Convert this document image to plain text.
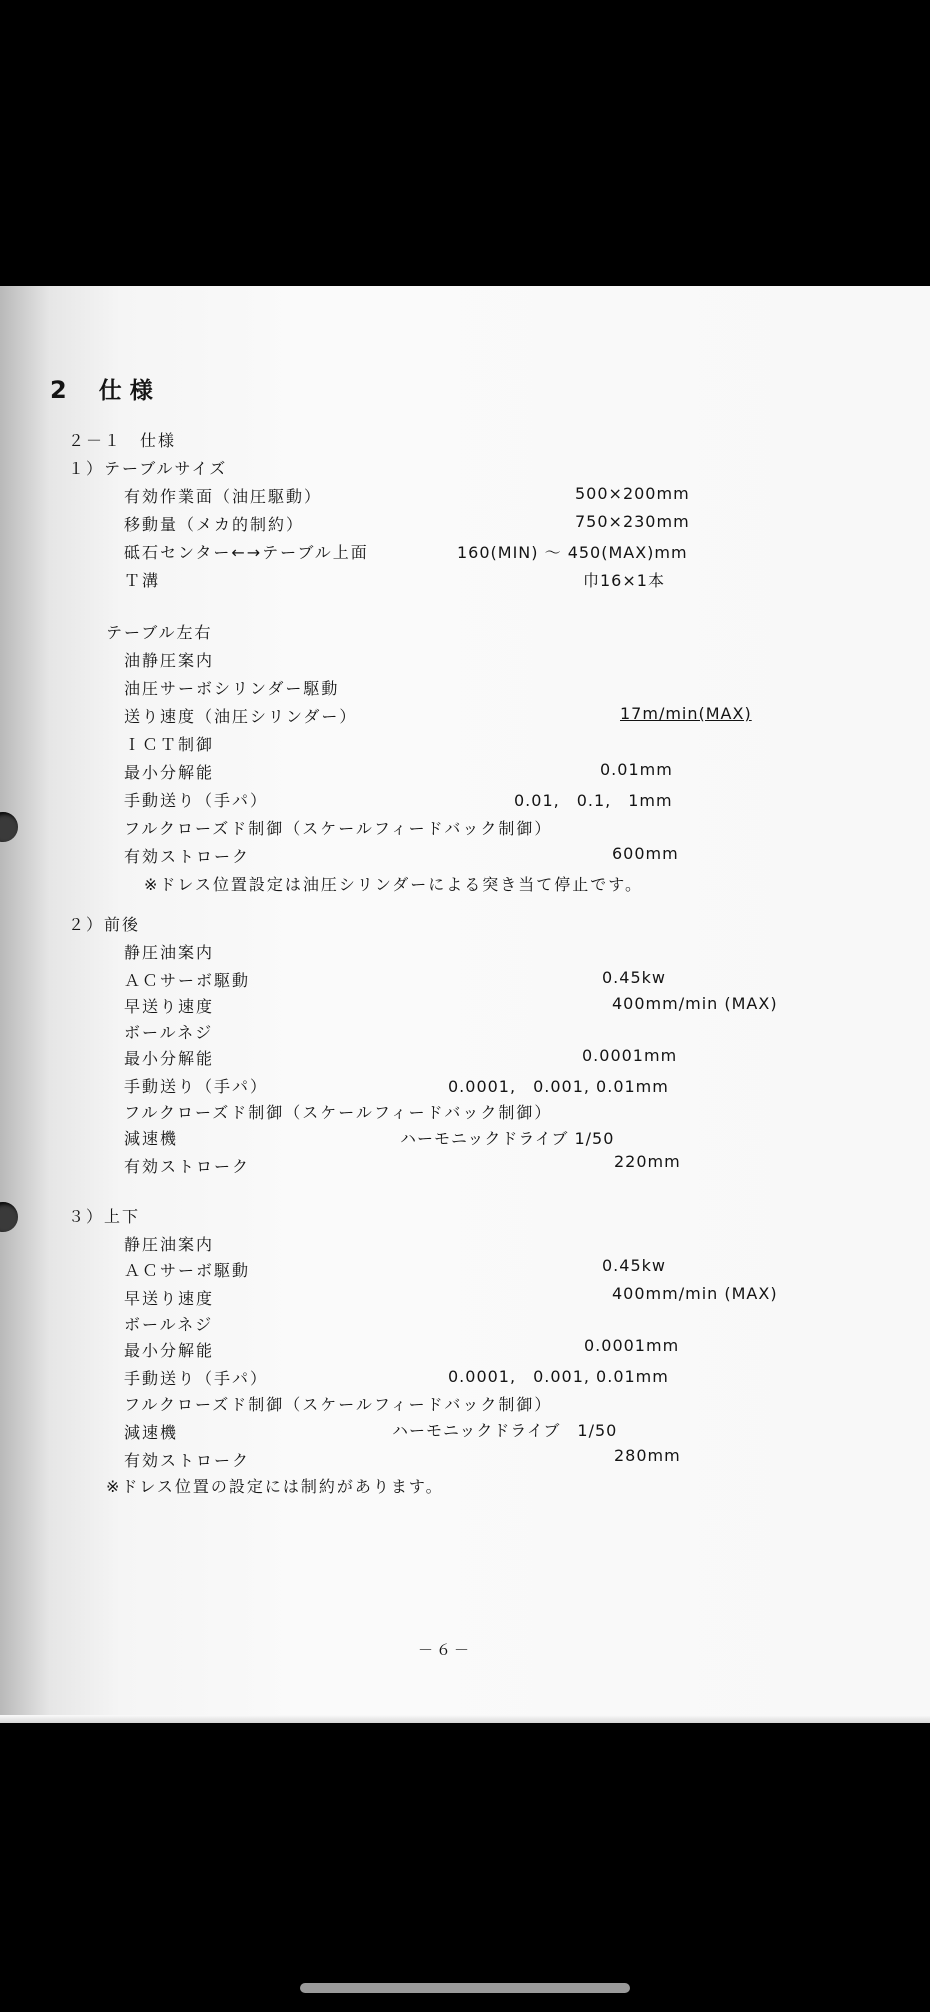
2 仕様
２－１　仕様
１）テーブルサイズ
有効作業面（油圧駆動）	500×200mm
移動量（メカ的制約）	750×230mm
砥石センター←→テーブル上面	160(MIN) ～ 450(MAX)mm
Ｔ溝	巾16×1本
テーブル左右
油静圧案内
油圧サーボシリンダー駆動
送り速度（油圧シリンダー）	17m/min(MAX)
ＩＣＴ制御
最小分解能	0.01mm
手動送り（手パ）	0.01,　0.1,　1mm
フルクローズド制御（スケールフィードバック制御）
有効ストローク	600mm
※ドレス位置設定は油圧シリンダーによる突き当て停止です。
２）前後
静圧油案内
ＡＣサーボ駆動	0.45kw
早送り速度	400mm/min (MAX)
ボールネジ
最小分解能	0.0001mm
手動送り（手パ）	0.0001,　0.001, 0.01mm
フルクローズド制御（スケールフィードバック制御）
減速機	ハーモニックドライブ 1/50
有効ストローク	220mm
３）上下
静圧油案内
ＡＣサーボ駆動	0.45kw
早送り速度	400mm/min (MAX)
ボールネジ
最小分解能	0.0001mm
手動送り（手パ）	0.0001,　0.001, 0.01mm
フルクローズド制御（スケールフィードバック制御）
減速機	ハーモニックドライブ　1/50
有効ストローク	280mm
※ドレス位置の設定には制約があります。
－６－
